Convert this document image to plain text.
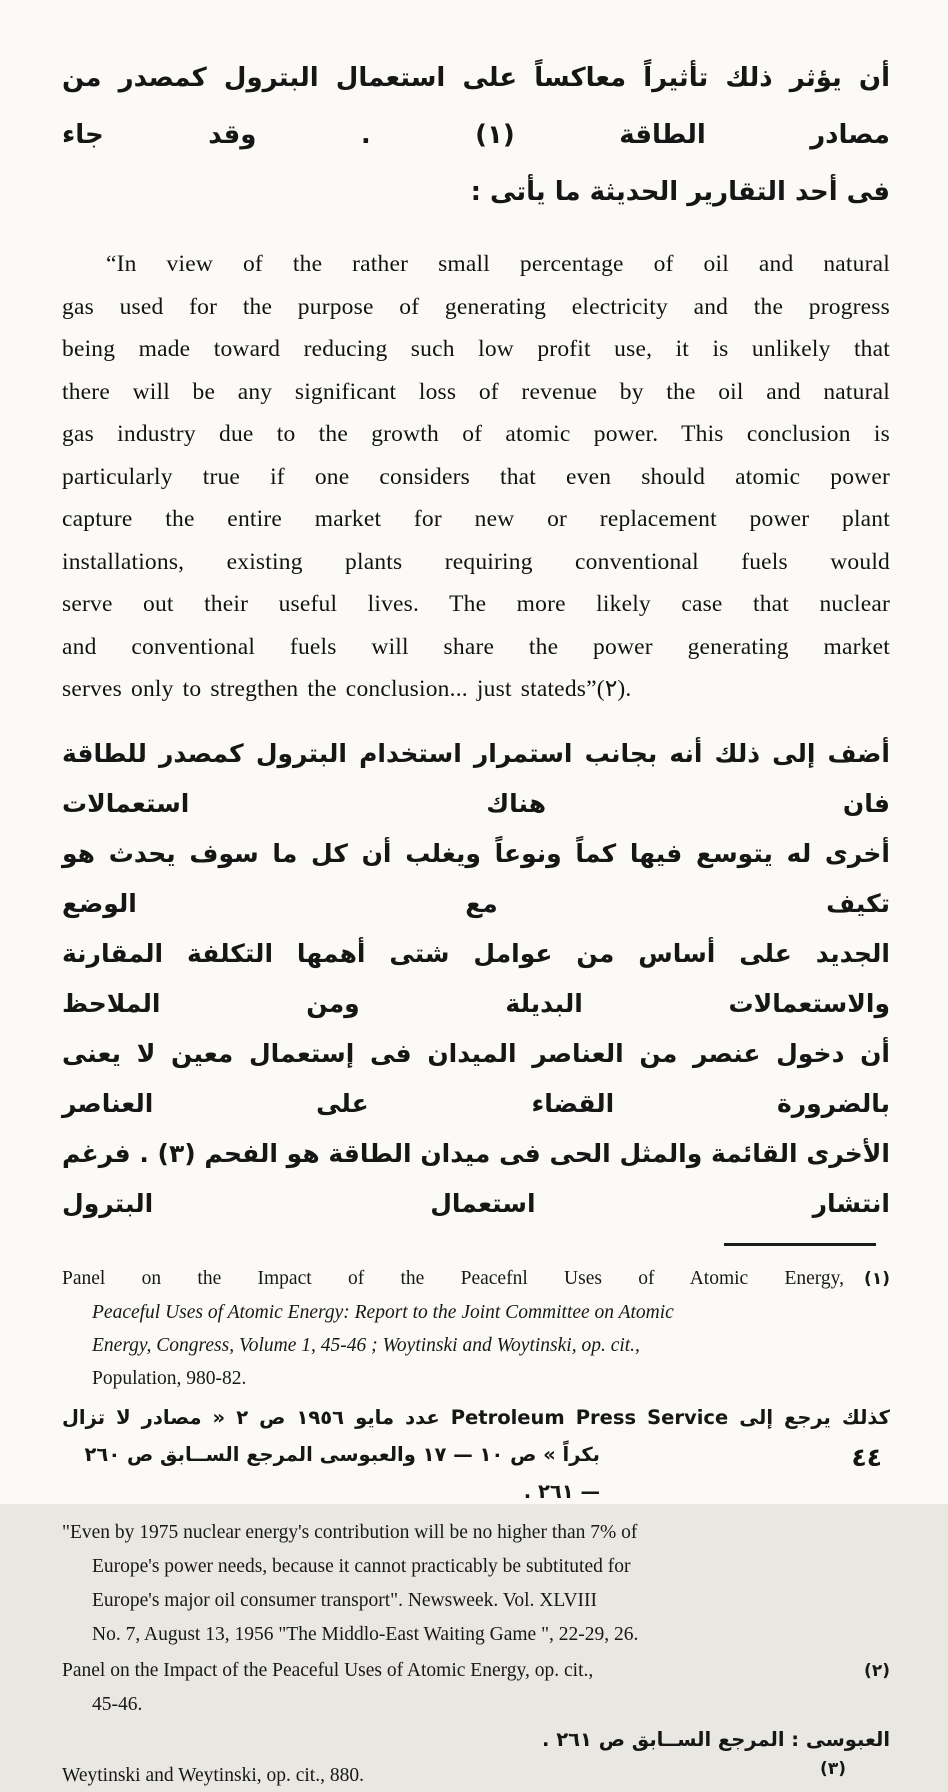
أن يؤثر ذلك تأثيراً معاكساً على استعمال البترول كمصدر من مصادر الطاقة (١) . وقد جاء
فى أحد التقارير الحديثة ما يأتى :
“In view of the rather small percentage of oil and natural
gas used for the purpose of generating electricity and the progress
being made toward reducing such low profit use, it is unlikely that
there will be any significant loss of revenue by the oil and natural
gas industry due to the growth of atomic power. This conclusion is
particularly true if one considers that even should atomic power
capture the entire market for new or replacement power plant
installations, existing plants requiring conventional fuels would
serve out their useful lives. The more likely case that nuclear
and conventional fuels will share the power generating market
serves only to stregthen the conclusion... just stateds”(٢).
أضف إلى ذلك أنه بجانب استمرار استخدام البترول كمصدر للطاقة فان هناك استعمالات
أخرى له يتوسع فيها كماً ونوعاً ويغلب أن كل ما سوف يحدث هو تكيف مع الوضع
الجديد على أساس من عوامل شتى أهمها التكلفة المقارنة والاستعمالات البديلة ومن الملاحظ
أن دخول عنصر من العناصر الميدان فى إستعمال معين لا يعنى بالضرورة القضاء على العناصر
الأخرى القائمة والمثل الحى فى ميدان الطاقة هو الفحم (٣) . فرغم انتشار استعمال البترول
Panel on the Impact of the Peacefnl Uses of Atomic Energy,	(١)
Peaceful Uses of Atomic Energy: Report to the Joint Committee on Atomic
Energy, Congress, Volume 1, 45-46 ; Woytinski and Woytinski, op. cit.,
Population, 980-82.
كذلك يرجع إلى Petroleum Press Service عدد مايو ١٩٥٦ ص ٢ « مصادر لا تزال
بكراً » ص ١٠ — ١٧ والعبوسى المرجع الســابق ص ٢٦٠ — ٢٦١ .
"Even by 1975 nuclear energy's contribution will be no higher than 7% of
Europe's power needs, because it cannot practicably be subtituted for
Europe's major oil consumer transport". Newsweek. Vol. XLVIII
No. 7, August 13, 1956 "The Middlo-East Waiting Game ", 22-29, 26.
Panel on the Impact of the Peaceful Uses of Atomic Energy, op. cit.,	(٢)
45-46.
العبوسى : المرجع الســابق ص ٢٦١ .
Weytinski and Weytinski, op. cit., 880.	(٣)
٤٤
